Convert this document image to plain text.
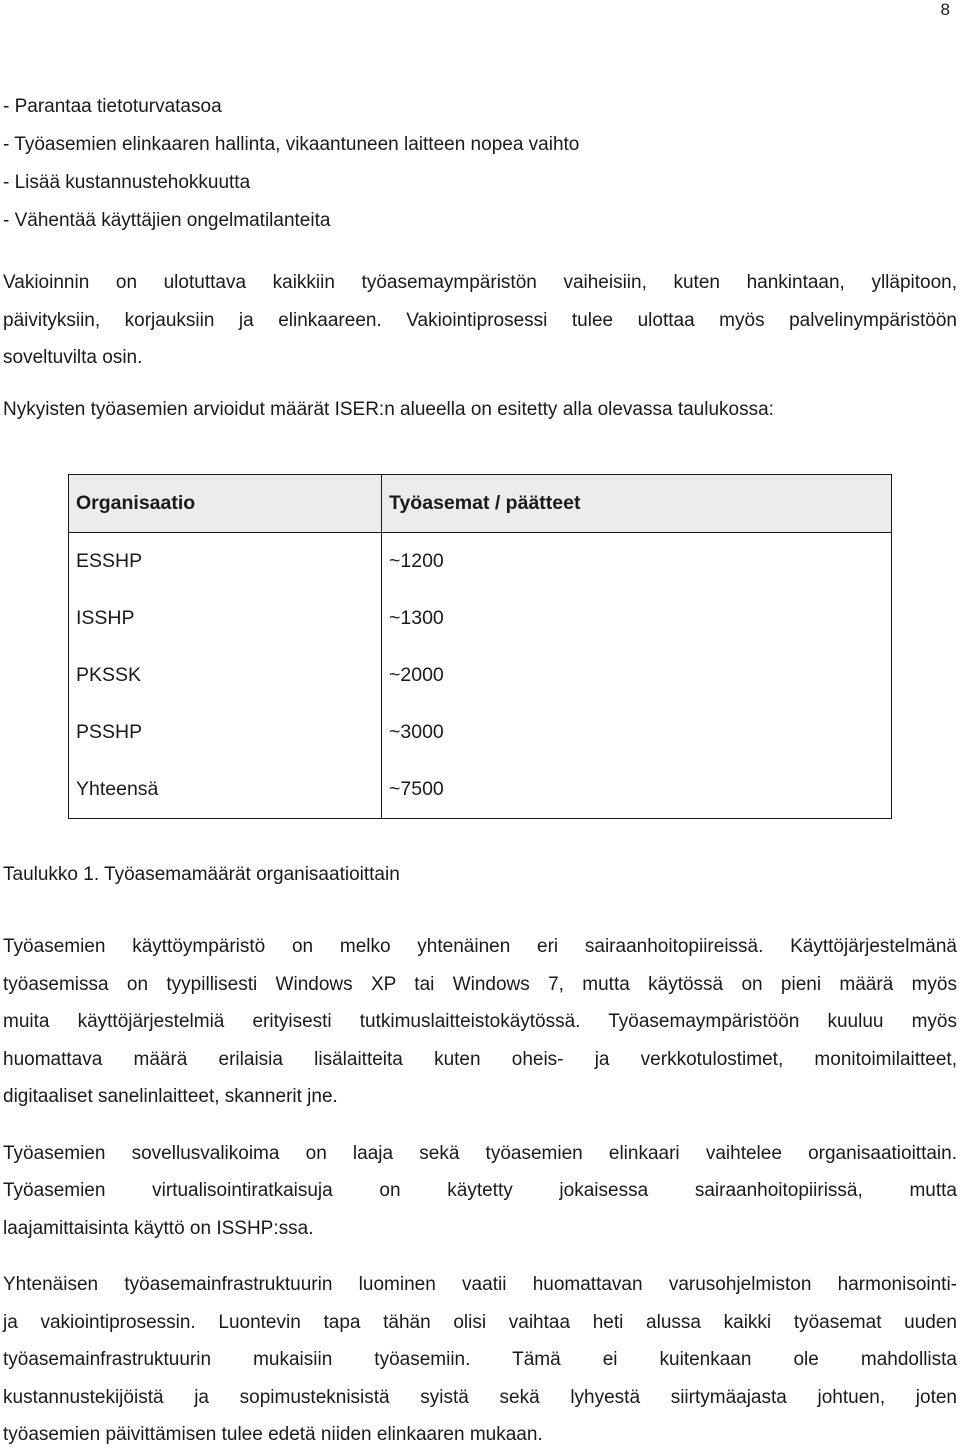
8
- Parantaa tietoturvatasoa
- Työasemien elinkaaren hallinta, vikaantuneen laitteen nopea vaihto
- Lisää kustannustehokkuutta
- Vähentää käyttäjien ongelmatilanteita

Vakioinnin on ulotuttava kaikkiin työasemaympäristön vaiheisiin, kuten hankintaan, ylläpitoon,
päivityksiin, korjauksiin ja elinkaareen. Vakiointiprosessi tulee ulottaa myös palvelinympäristöön
soveltuvilta osin.

Nykyisten työasemien arvioidut määrät ISER:n alueella on esitetty alla olevassa taulukossa:

Organisaatio	Työasemat / päätteet
ESSHP	~1200
ISSHP	~1300
PKSSK	~2000
PSSHP	~3000
Yhteensä	~7500
Taulukko 1. Työasemamäärät organisaatioittain

Työasemien käyttöympäristö on melko yhtenäinen eri sairaanhoitopiireissä. Käyttöjärjestelmänä
työasemissa on tyypillisesti Windows XP tai Windows 7, mutta käytössä on pieni määrä myös
muita käyttöjärjestelmiä erityisesti tutkimuslaitteistokäytössä. Työasemaympäristöön kuuluu myös
huomattava määrä erilaisia lisälaitteita kuten oheis- ja verkkotulostimet, monitoimilaitteet,
digitaaliset sanelinlaitteet, skannerit jne.

Työasemien sovellusvalikoima on laaja sekä työasemien elinkaari vaihtelee organisaatioittain.
Työasemien virtualisointiratkaisuja on käytetty jokaisessa sairaanhoitopiirissä, mutta
laajamittaisinta käyttö on ISSHP:ssa.

Yhtenäisen työasemainfrastruktuurin luominen vaatii huomattavan varusohjelmiston harmonisointi-
ja vakiointiprosessin. Luontevin tapa tähän olisi vaihtaa heti alussa kaikki työasemat uuden
työasemainfrastruktuurin mukaisiin työasemiin. Tämä ei kuitenkaan ole mahdollista
kustannustekijöistä ja sopimusteknisistä syistä sekä lyhyestä siirtymäajasta johtuen, joten
työasemien päivittämisen tulee edetä niiden elinkaaren mukaan.
